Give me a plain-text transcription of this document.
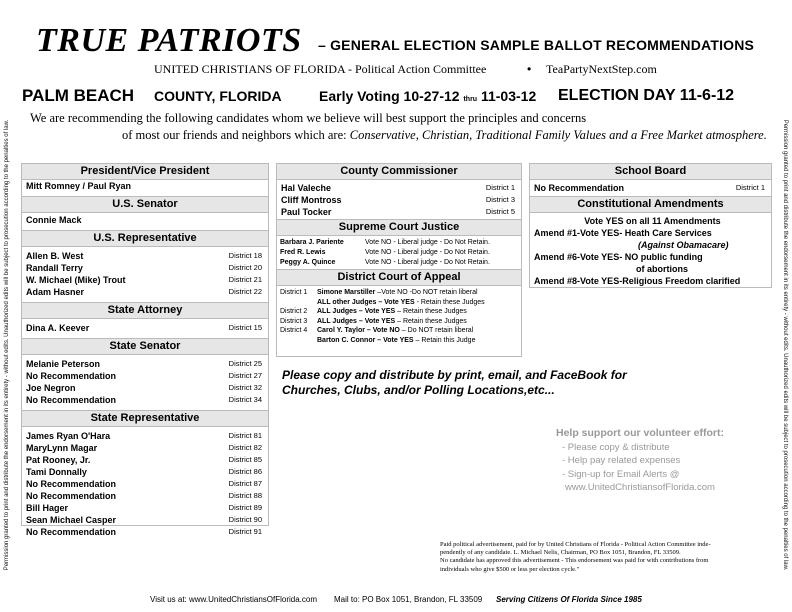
Permission granted to print and distribute the endorsement in its entirety - without edits. Unauthorized edits will be subject to prosecution according to the penalties of law.	Permission granted to print and distribute the endorsement in its entirety - without edits. Unauthorized edits will be subject to prosecution according to the penalties of law.
TRUE PATRIOTS – GENERAL ELECTION SAMPLE BALLOT RECOMMENDATIONS
UNITED CHRISTIANS OF FLORIDA - Political Action Committee	• TeaPartyNextStep.com
PALM BEACH COUNTY, FLORIDA	Early Voting 10-27-12 thru 11-03-12 ELECTION DAY 11-6-12
We are recommending the following candidates whom we believe will best support the principles and concerns
of most our friends and neighbors which are: Conservative, Christian, Traditional Family Values and a Free Market atmosphere.
President/Vice President
Mitt Romney / Paul Ryan
U.S. Senator
Connie Mack
U.S. Representative
Allen B. West	District 18
Randall Terry	District 20
W. Michael (Mike) Trout	District 21
Adam Hasner	District 22
State Attorney
Dina A. Keever	District 15
State Senator
Melanie Peterson	District 25
No Recommendation	District 27
Joe Negron	District 32
No Recommendation	District 34
State Representative
James Ryan O'Hara	District 81
MaryLynn Magar	District 82
Pat Rooney, Jr.	District 85
Tami Donnally	District 86
No Recommendation	District 87
No Recommendation	District 88
Bill Hager	District 89
Sean Michael Casper	District 90
No Recommendation	District 91
County Commissioner
Hal Valeche	District 1
Cliff Montross	District 3
Paul Tocker	District 5
Supreme Court Justice
Barbara J. Pariente	Vote NO - Liberal judge - Do Not Retain.
Fred R. Lewis	Vote NO - Liberal judge - Do Not Retain.
Peggy A. Quince	Vote NO - Liberal judge - Do Not Retain.
District Court of Appeal
District 1 Simone Marstiller –Vote NO -Do NOT retain liberal
ALL other Judges – Vote YES - Retain these Judges
District 2 ALL Judges – Vote YES – Retain these Judges
District 3 ALL Judges – Vote YES – Retain these Judges
District 4 Carol Y. Taylor – Vote NO – Do NOT retain liberal
Barton C. Connor – Vote YES – Retain this Judge
School Board
No Recommendation	District 1
Constitutional Amendments
Vote YES on all 11 Amendments
Amend #1-Vote YES- Heath Care Services
(Against Obamacare)
Amend #6-Vote YES- NO public funding
of abortions
Amend #8-Vote YES-Religious Freedom clarified
Please copy and distribute by print, email, and FaceBook for Churches, Clubs, and/or Polling Locations,etc...
Help support our volunteer effort:
- Please copy & distribute
- Help pay related expenses
- Sign-up for Email Alerts @
www.UnitedChristiansofFlorida.com
Paid political advertisement, paid for by United Christians of Florida - Political Action Committee inde-
pendently of any candidate. L. Michael Nelis, Chairman, PO Box 1051, Brandon, FL 33509.
No candidate has approved this advertisement - This endorsement was paid for with contributions from
individuals who give $500 or less per election cycle."
Visit us at: www.UnitedChristiansOfFlorida.com Mail to: PO Box 1051, Brandon, FL 33509 Serving Citizens Of Florida Since 1985
